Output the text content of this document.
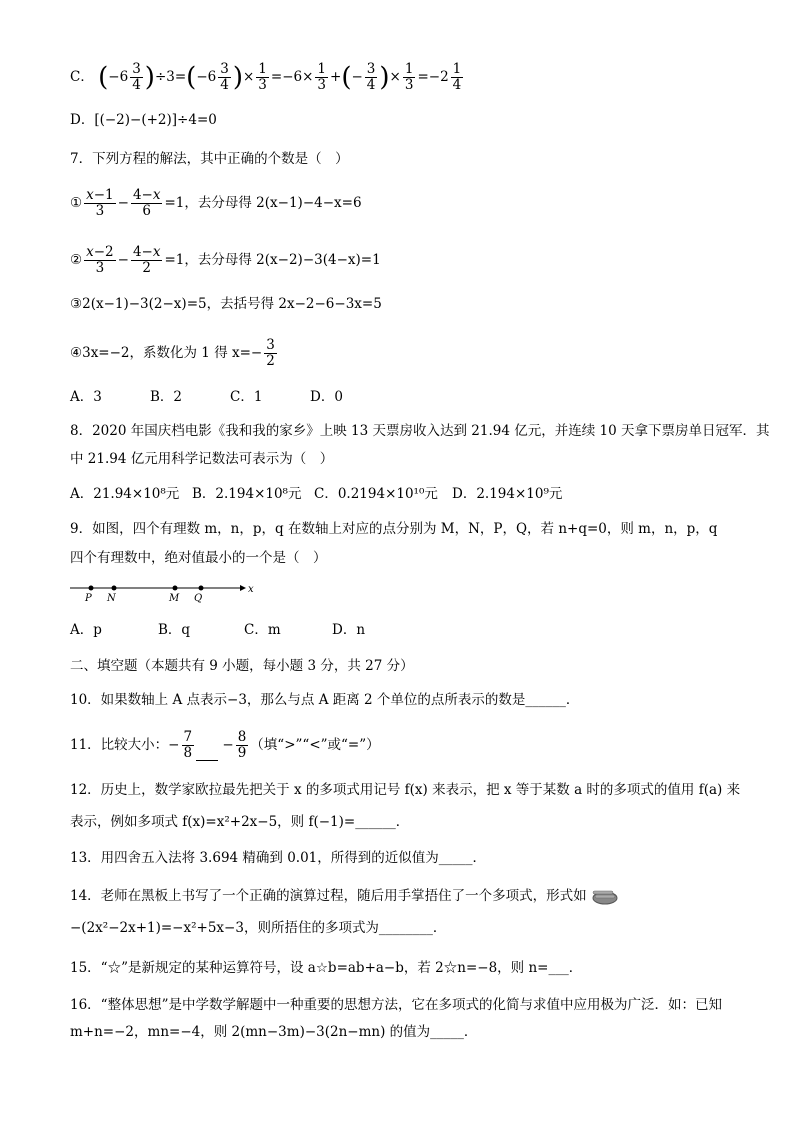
C． $(-6 \frac{3}{4} )\div 3=(-6 \frac{3}{4}$ )× $\frac{1}{3} =-6\times \frac{1}{3}$ +(− $\frac{3}{4}$ )× $\frac{1}{3} =-2 \frac{1}{4}$
D．[(−2)−(+2)]÷4=0
7．下列方程的解法，其中正确的个数是（　）
① $\frac{x-1}{3} - \frac{4-x}{6} =1$，去分母得 2(x−1)−4−x=6
② $\frac{x-2}{3} - \frac{4-x}{2} =1$，去分母得 2(x−2)−3(4−x)=1
③2(x−1)−3(2−x)=5，去括号得 2x−2−6−3x=5
④3x=−2，系数化为 1 得 $x=- \frac{3}{2}$
A．3	B．2	C．1	D．0
8．2020 年国庆档电影《我和我的家乡》上映 13 天票房收入达到 21.94 亿元，并连续 10 天拿下票房单日冠军．其
中 21.94 亿元用科学记数法可表示为（　）
A．21.94×10⁸元 B．2.194×10⁸元 C．0.2194×10¹⁰元 D．2.194×10⁹元
9．如图，四个有理数 m，n，p，q 在数轴上对应的点分别为 M，N，P，Q，若 n+q=0，则 m，n，p，q
四个有理数中，绝对值最小的一个是（　）
P N	M Q
x
A．p	B．q	C．m	D．n
二、填空题（本题共有 9 小题，每小题 3 分，共 27 分）
10．如果数轴上 A 点表示−3，那么与点 A 距离 2 个单位的点所表示的数是______．
11．比较大小：− $\frac{7}{8} - \frac{8}{9}$ （填“>”“<”或“=”）
12．历史上，数学家欧拉最先把关于 x 的多项式用记号 f(x) 来表示，把 x 等于某数 a 时的多项式的值用 f(a) 来
表示，例如多项式 f(x)=x²+2x−5，则 f(−1)=______．
13．用四舍五入法将 3.694 精确到 0.01，所得到的近似值为_____．
14．老师在黑板上书写了一个正确的演算过程，随后用手掌捂住了一个多项式，形式如
−(2x²−2x+1)=−x²+5x−3，则所捂住的多项式为________．
15．“☆”是新规定的某种运算符号，设 a☆b=ab+a−b，若 2☆n=−8，则 n=___．
16．“整体思想”是中学数学解题中一种重要的思想方法，它在多项式的化简与求值中应用极为广泛．如：已知
m+n=−2，mn=−4，则 2(mn−3m)−3(2n−mn) 的值为_____．
